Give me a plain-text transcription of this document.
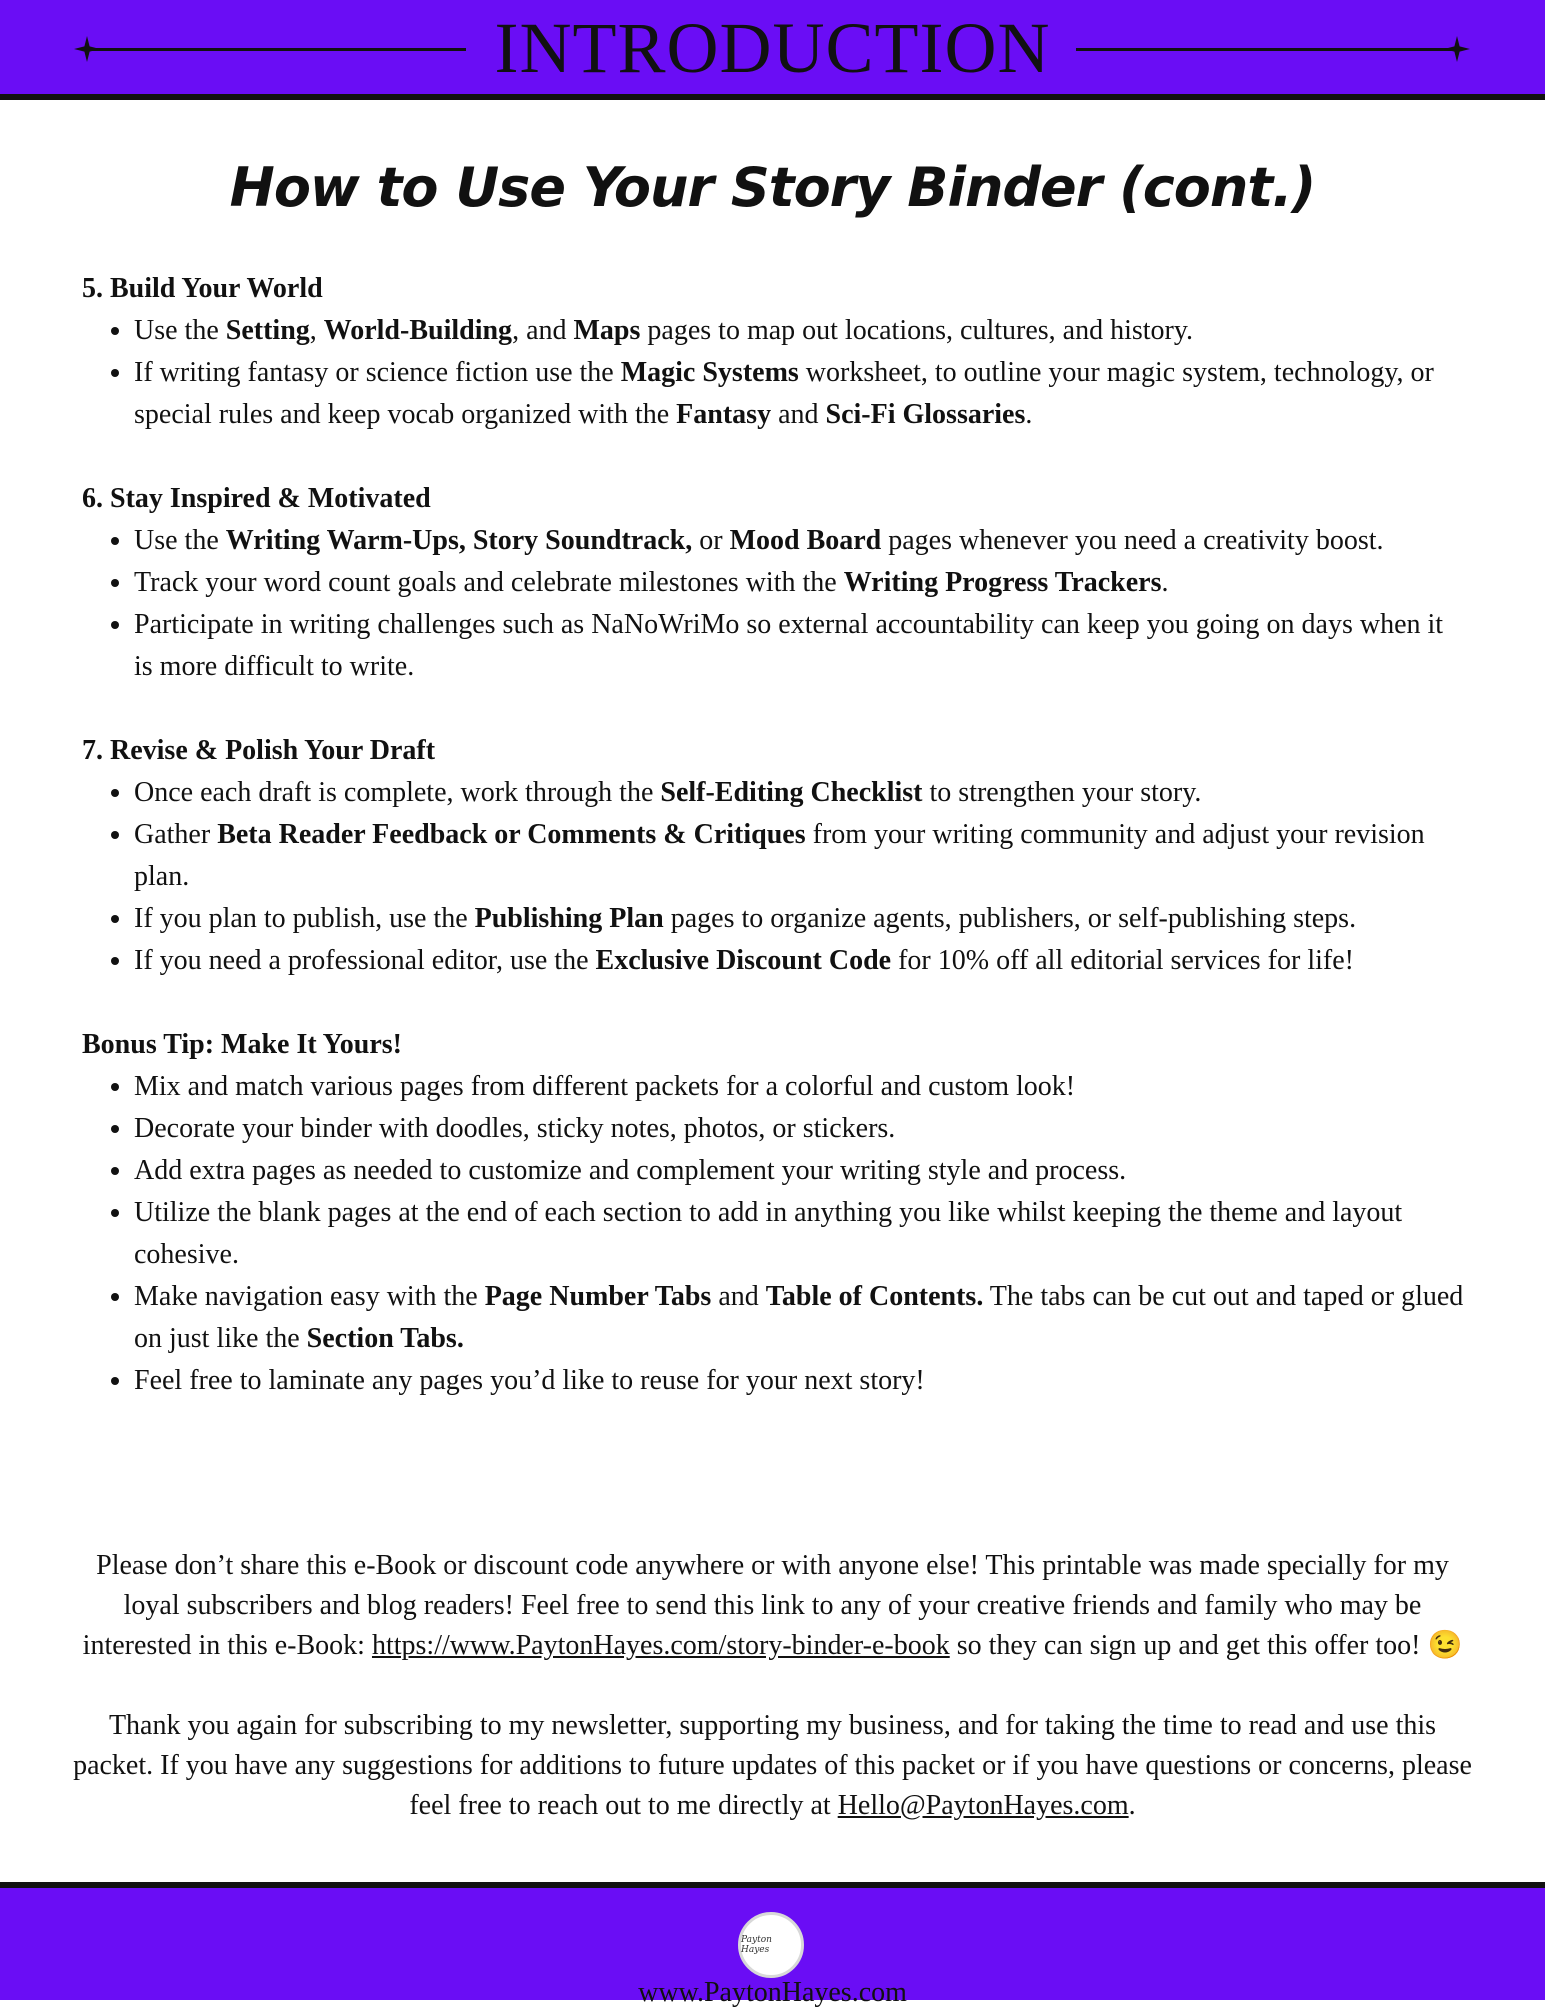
INTRODUCTION
How to Use Your Story Binder (cont.)
5. Build Your World
• Use the Setting, World-Building, and Maps pages to map out locations, cultures, and history.
• If writing fantasy or science fiction use the Magic Systems worksheet, to outline your magic system, technology, or special rules and keep vocab organized with the Fantasy and Sci-Fi Glossaries.
6. Stay Inspired & Motivated
• Use the Writing Warm-Ups, Story Soundtrack, or Mood Board pages whenever you need a creativity boost.
• Track your word count goals and celebrate milestones with the Writing Progress Trackers.
• Participate in writing challenges such as NaNoWriMo so external accountability can keep you going on days when it is more difficult to write.
7. Revise & Polish Your Draft
• Once each draft is complete, work through the Self-Editing Checklist to strengthen your story.
• Gather Beta Reader Feedback or Comments & Critiques from your writing community and adjust your revision plan.
• If you plan to publish, use the Publishing Plan pages to organize agents, publishers, or self-publishing steps.
• If you need a professional editor, use the Exclusive Discount Code for 10% off all editorial services for life!
Bonus Tip: Make It Yours!
• Mix and match various pages from different packets for a colorful and custom look!
• Decorate your binder with doodles, sticky notes, photos, or stickers.
• Add extra pages as needed to customize and complement your writing style and process.
• Utilize the blank pages at the end of each section to add in anything you like whilst keeping the theme and layout cohesive.
• Make navigation easy with the Page Number Tabs and Table of Contents. The tabs can be cut out and taped or glued on just like the Section Tabs.
• Feel free to laminate any pages you’d like to reuse for your next story!

Please don’t share this e-Book or discount code anywhere or with anyone else! This printable was made specially for my loyal subscribers and blog readers! Feel free to send this link to any of your creative friends and family who may be interested in this e-Book: https://www.PaytonHayes.com/story-binder-e-book so they can sign up and get this offer too! 😉

Thank you again for subscribing to my newsletter, supporting my business, and for taking the time to read and use this packet. If you have any suggestions for additions to future updates of this packet or if you have questions or concerns, please feel free to reach out to me directly at Hello@PaytonHayes.com.

Payton Hayes
www.PaytonHayes.com
